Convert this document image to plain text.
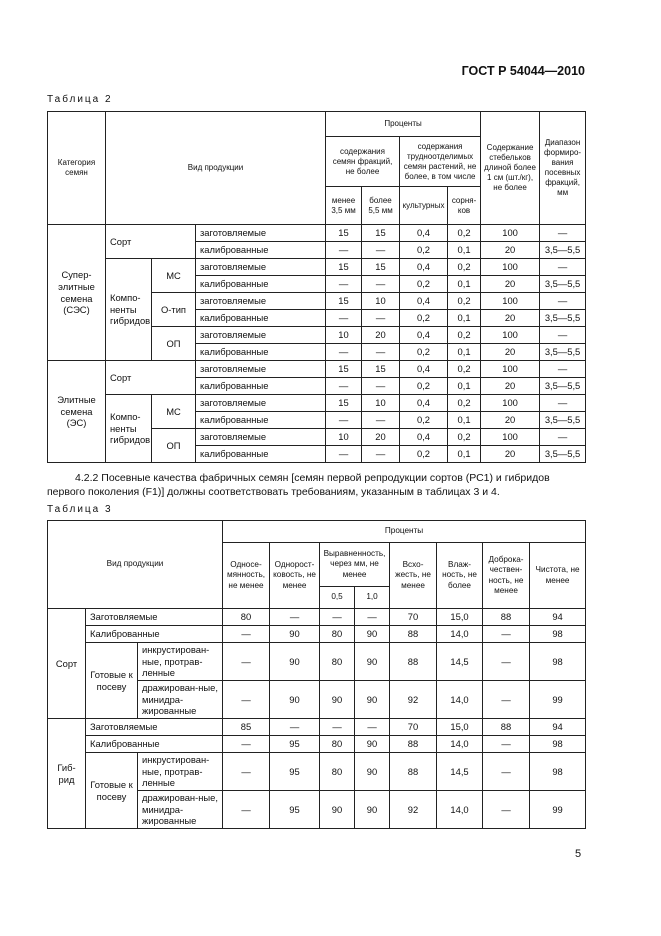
ГОСТ Р 54044—2010
Таблица 2
Категория семян	Вид продукции			Проценты				Содержание стебельков длиной более 1 см (шт./кг), не более	Диапазон формиро-вания посевных фракций, мм
				содержания семян фракций, не более		содержания трудноотделимых семян растений, не более, в том числе			
				менее 3,5 мм	более 5,5 мм	культурных	сорня-ков		
Супер-элитные семена (СЭС)	Сорт		заготовляемые	15	15	0,4	0,2	100	—
			калиброванные	—	—	0,2	0,1	20	3,5—5,5
	Компо-ненты гибридов	МС	заготовляемые	15	15	0,4	0,2	100	—
			калиброванные	—	—	0,2	0,1	20	3,5—5,5
		О-тип	заготовляемые	15	10	0,4	0,2	100	—
			калиброванные	—	—	0,2	0,1	20	3,5—5,5
		ОП	заготовляемые	10	20	0,4	0,2	100	—
			калиброванные	—	—	0,2	0,1	20	3,5—5,5
Элитные семена (ЭС)	Сорт		заготовляемые	15	15	0,4	0,2	100	—
			калиброванные	—	—	0,2	0,1	20	3,5—5,5
	Компо-ненты гибридов	МС	заготовляемые	15	10	0,4	0,2	100	—
			калиброванные	—	—	0,2	0,1	20	3,5—5,5
		ОП	заготовляемые	10	20	0,4	0,2	100	—
			калиброванные	—	—	0,2	0,1	20	3,5—5,5
4.2.2 Посевные качества фабричных семян [семян первой репродукции сортов (РС1) и гибридов
первого поколения (F1)] должны соответствовать требованиям, указанным в таблицах 3 и 4.
Таблица 3
Вид продукции			Проценты							
			Односе-мянность, не менее	Однорост-ковость, не менее	Выравненность, через мм, не менее		Всхо-жесть, не менее	Влаж-ность, не более	Доброка-чествен-ность, не менее	Чистота, не менее
					0,5	1,0				
Сорт	Заготовляемые		80	—	—	—	70	15,0	88	94
	Калиброванные		—	90	80	90	88	14,0	—	98
	Готовые к посеву	инкрустирован-ные, протрав-ленные	—	90	80	90	88	14,5	—	98
		дражирован-ные, минидра-жированные	—	90	90	90	92	14,0	—	99
Гиб-рид	Заготовляемые		85	—	—	—	70	15,0	88	94
	Калиброванные		—	95	80	90	88	14,0	—	98
	Готовые к посеву	инкрустирован-ные, протрав-ленные	—	95	80	90	88	14,5	—	98
		дражирован-ные, минидра-жированные	—	95	90	90	92	14,0	—	99
5
